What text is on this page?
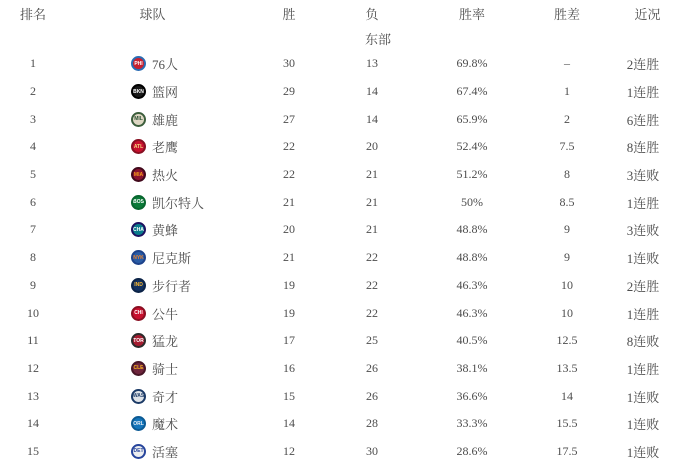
排名	球队	胜	负	胜率	胜差	近况
东部
1	PHI 76人	30	13	69.8%	–	2连胜
2	BKN 篮网	29	14	67.4%	1	1连胜
3	MIL 雄鹿	27	14	65.9%	2	6连胜
4	ATL 老鹰	22	20	52.4%	7.5	8连胜
5	MIA 热火	22	21	51.2%	8	3连败
6	BOS 凯尔特人	21	21	50%	8.5	1连胜
7	CHA 黄蜂	20	21	48.8%	9	3连败
8	NYK 尼克斯	21	22	48.8%	9	1连败
9	IND 步行者	19	22	46.3%	10	2连胜
10	CHI 公牛	19	22	46.3%	10	1连胜
11	TOR 猛龙	17	25	40.5%	12.5	8连败
12	CLE 骑士	16	26	38.1%	13.5	1连胜
13	WAS 奇才	15	26	36.6%	14	1连败
14	ORL 魔术	14	28	33.3%	15.5	1连败
15	DET 活塞	12	30	28.6%	17.5	1连败
